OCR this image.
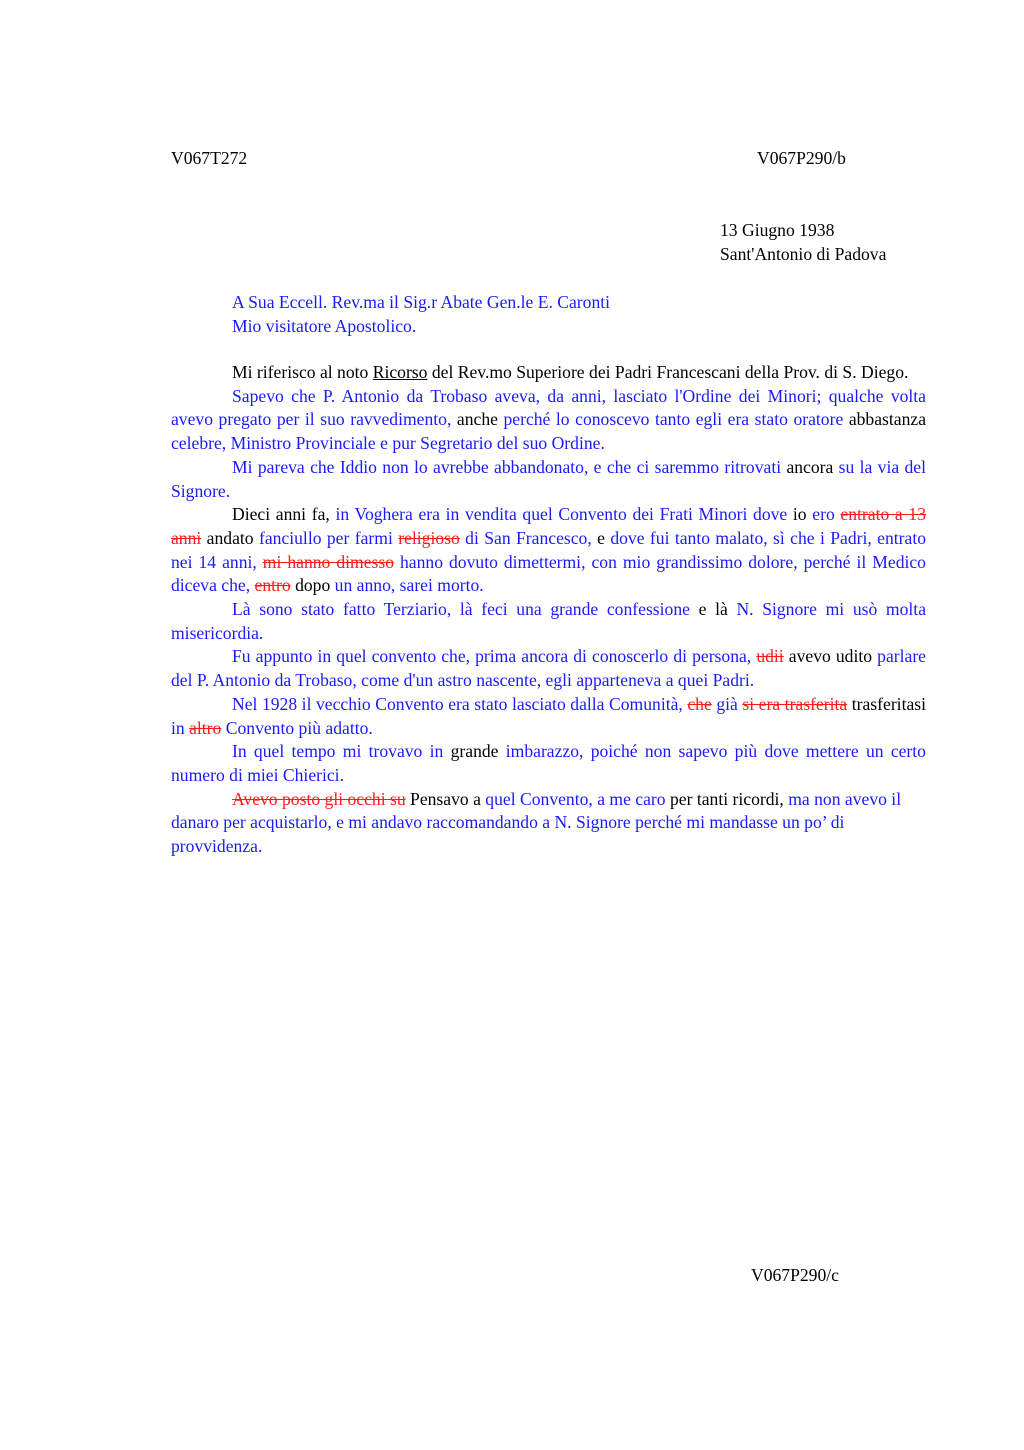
V067T272	V067P290/b
13 Giugno 1938
Sant'Antonio di Padova
A Sua Eccell. Rev.ma il Sig.r Abate Gen.le E. Caronti
Mio visitatore Apostolico.

Mi riferisco al noto Ricorso del Rev.mo Superiore dei Padri Francescani della Prov. di S. Diego.

Sapevo che P. Antonio da Trobaso aveva, da anni, lasciato l'Ordine dei Minori; qualche volta avevo pregato per il suo ravvedimento, anche perché lo conoscevo tanto egli era stato oratore abbastanza celebre, Ministro Provinciale e pur Segretario del suo Ordine.

Mi pareva che Iddio non lo avrebbe abbandonato, e che ci saremmo ritrovati ancora su la via del Signore.

Dieci anni fa, in Voghera era in vendita quel Convento dei Frati Minori dove io ero entrato a 13 anni andato fanciullo per farmi religioso di San Francesco, e dove fui tanto malato, sì che i Padri, entrato nei 14 anni, mi hanno dimesso hanno dovuto dimettermi, con mio grandissimo dolore, perché il Medico diceva che, entro dopo un anno, sarei morto.

Là sono stato fatto Terziario, là feci una grande confessione e là N. Signore mi usò molta misericordia.

Fu appunto in quel convento che, prima ancora di conoscerlo di persona, udii avevo udito parlare del P. Antonio da Trobaso, come d'un astro nascente, egli apparteneva a quei Padri.

Nel 1928 il vecchio Convento era stato lasciato dalla Comunità, che già si era trasferita trasferitasi in altro Convento più adatto.

In quel tempo mi trovavo in grande imbarazzo, poiché non sapevo più dove mettere un certo numero di miei Chierici.

Avevo posto gli occhi su Pensavo a quel Convento, a me caro per tanti ricordi, ma non avevo il danaro per acquistarlo, e mi andavo raccomandando a N. Signore perché mi mandasse un po’ di provvidenza.

V067P290/c
